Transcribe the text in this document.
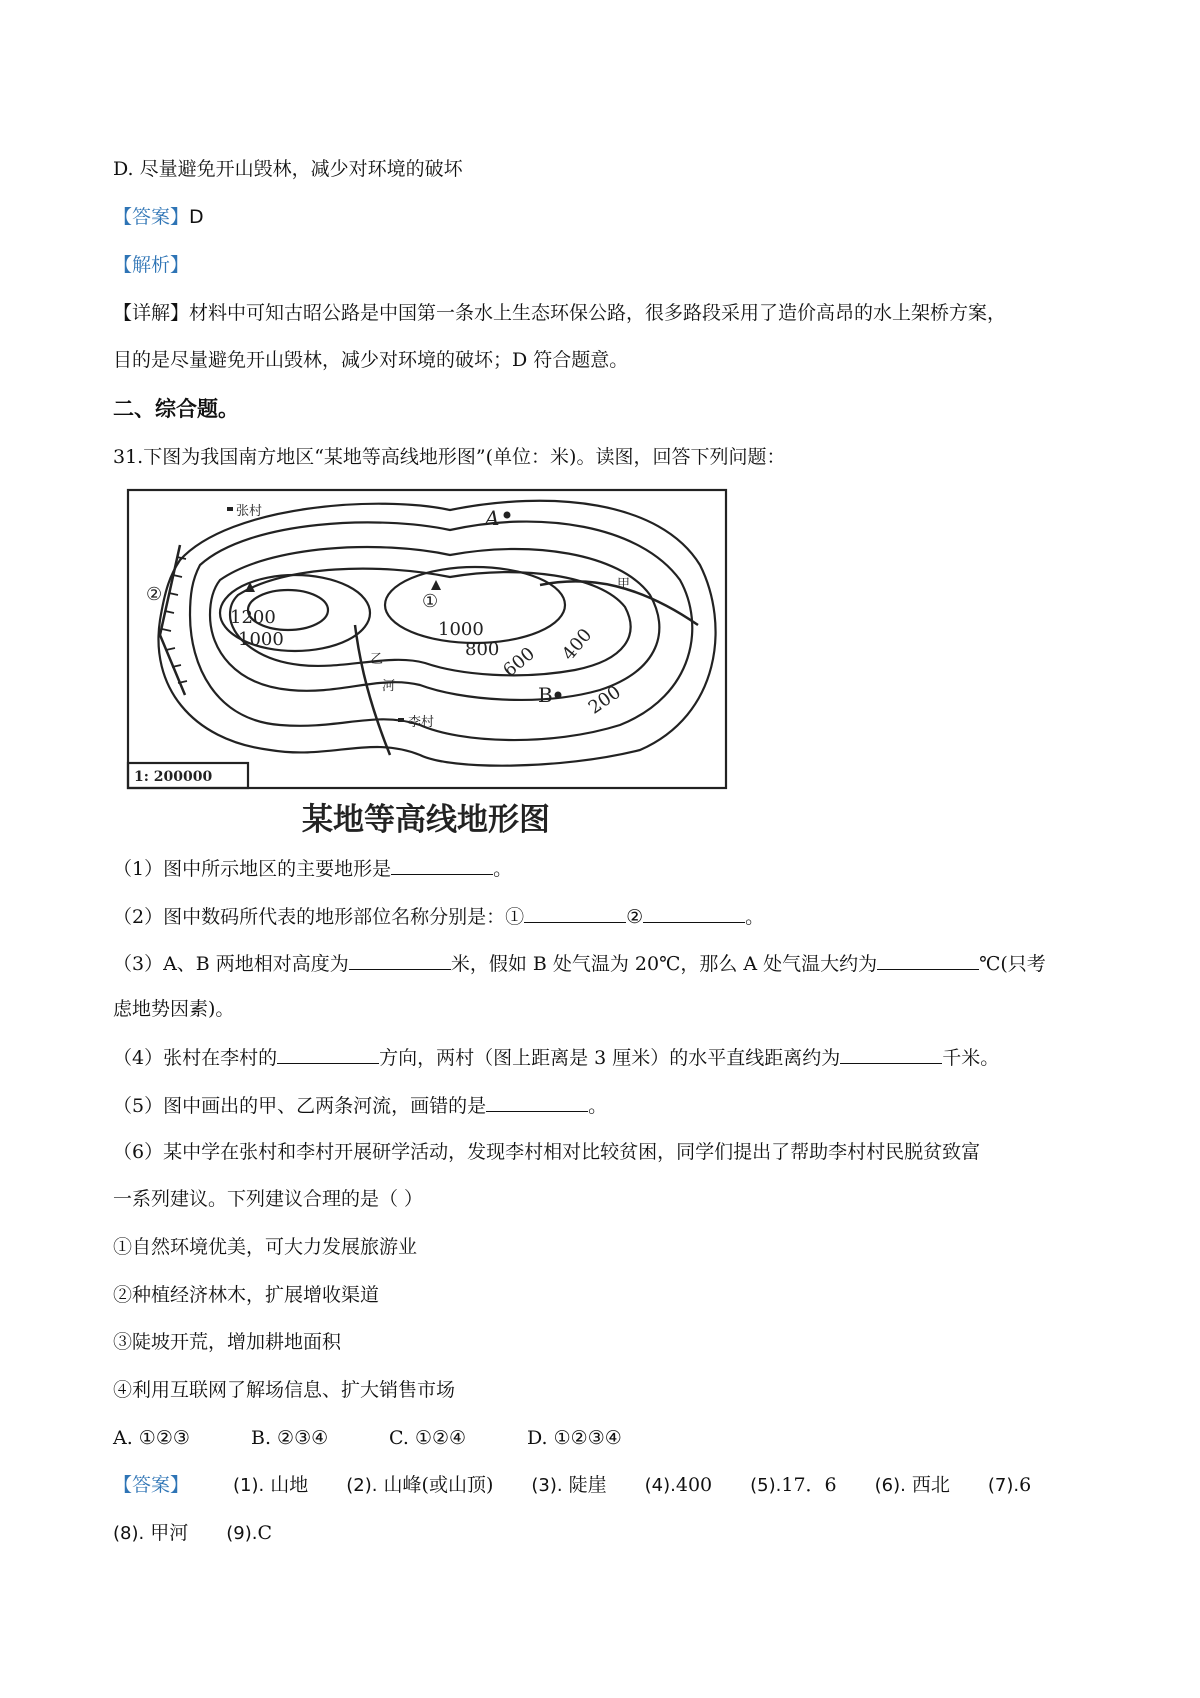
D. 尽量避免开山毁林，减少对环境的破坏
【答案】D
【解析】
【详解】材料中可知古昭公路是中国第一条水上生态环保公路，很多路段采用了造价高昂的水上架桥方案，
目的是尽量避免开山毁林，减少对环境的破坏；D 符合题意。
二、综合题。
31.下图为我国南方地区“某地等高线地形图”(单位：米)。读图，回答下列问题：
张村
李村
A
B
①
②	甲
乙
河
1200
1000	1000
800 600 400
200
1: 200000
某地等高线地形图
（1）图中所示地区的主要地形是	。
（2）图中数码所代表的地形部位名称分别是：①	②	。
（3）A、B 两地相对高度为	米，假如 B 处气温为 20℃，那么 A 处气温大约为	℃(只考
虑地势因素)。
（4）张村在李村的	方向，两村（图上距离是 3 厘米）的水平直线距离约为	千米。
（5）图中画出的甲、乙两条河流，画错的是	。
（6）某中学在张村和李村开展研学活动，发现李村相对比较贫困，同学们提出了帮助李村村民脱贫致富
一系列建议。下列建议合理的是（ ）
①自然环境优美，可大力发展旅游业
②种植经济林木，扩展增收渠道
③陡坡开荒，增加耕地面积
④利用互联网了解场信息、扩大销售市场
A. ①②③	B. ②③④	C. ①②④	D. ①②③④
【答案】 (1). 山地 (2). 山峰(或山顶) (3). 陡崖 (4).400 (5).17．6 (6). 西北 (7).6
(8). 甲河 (9).C
